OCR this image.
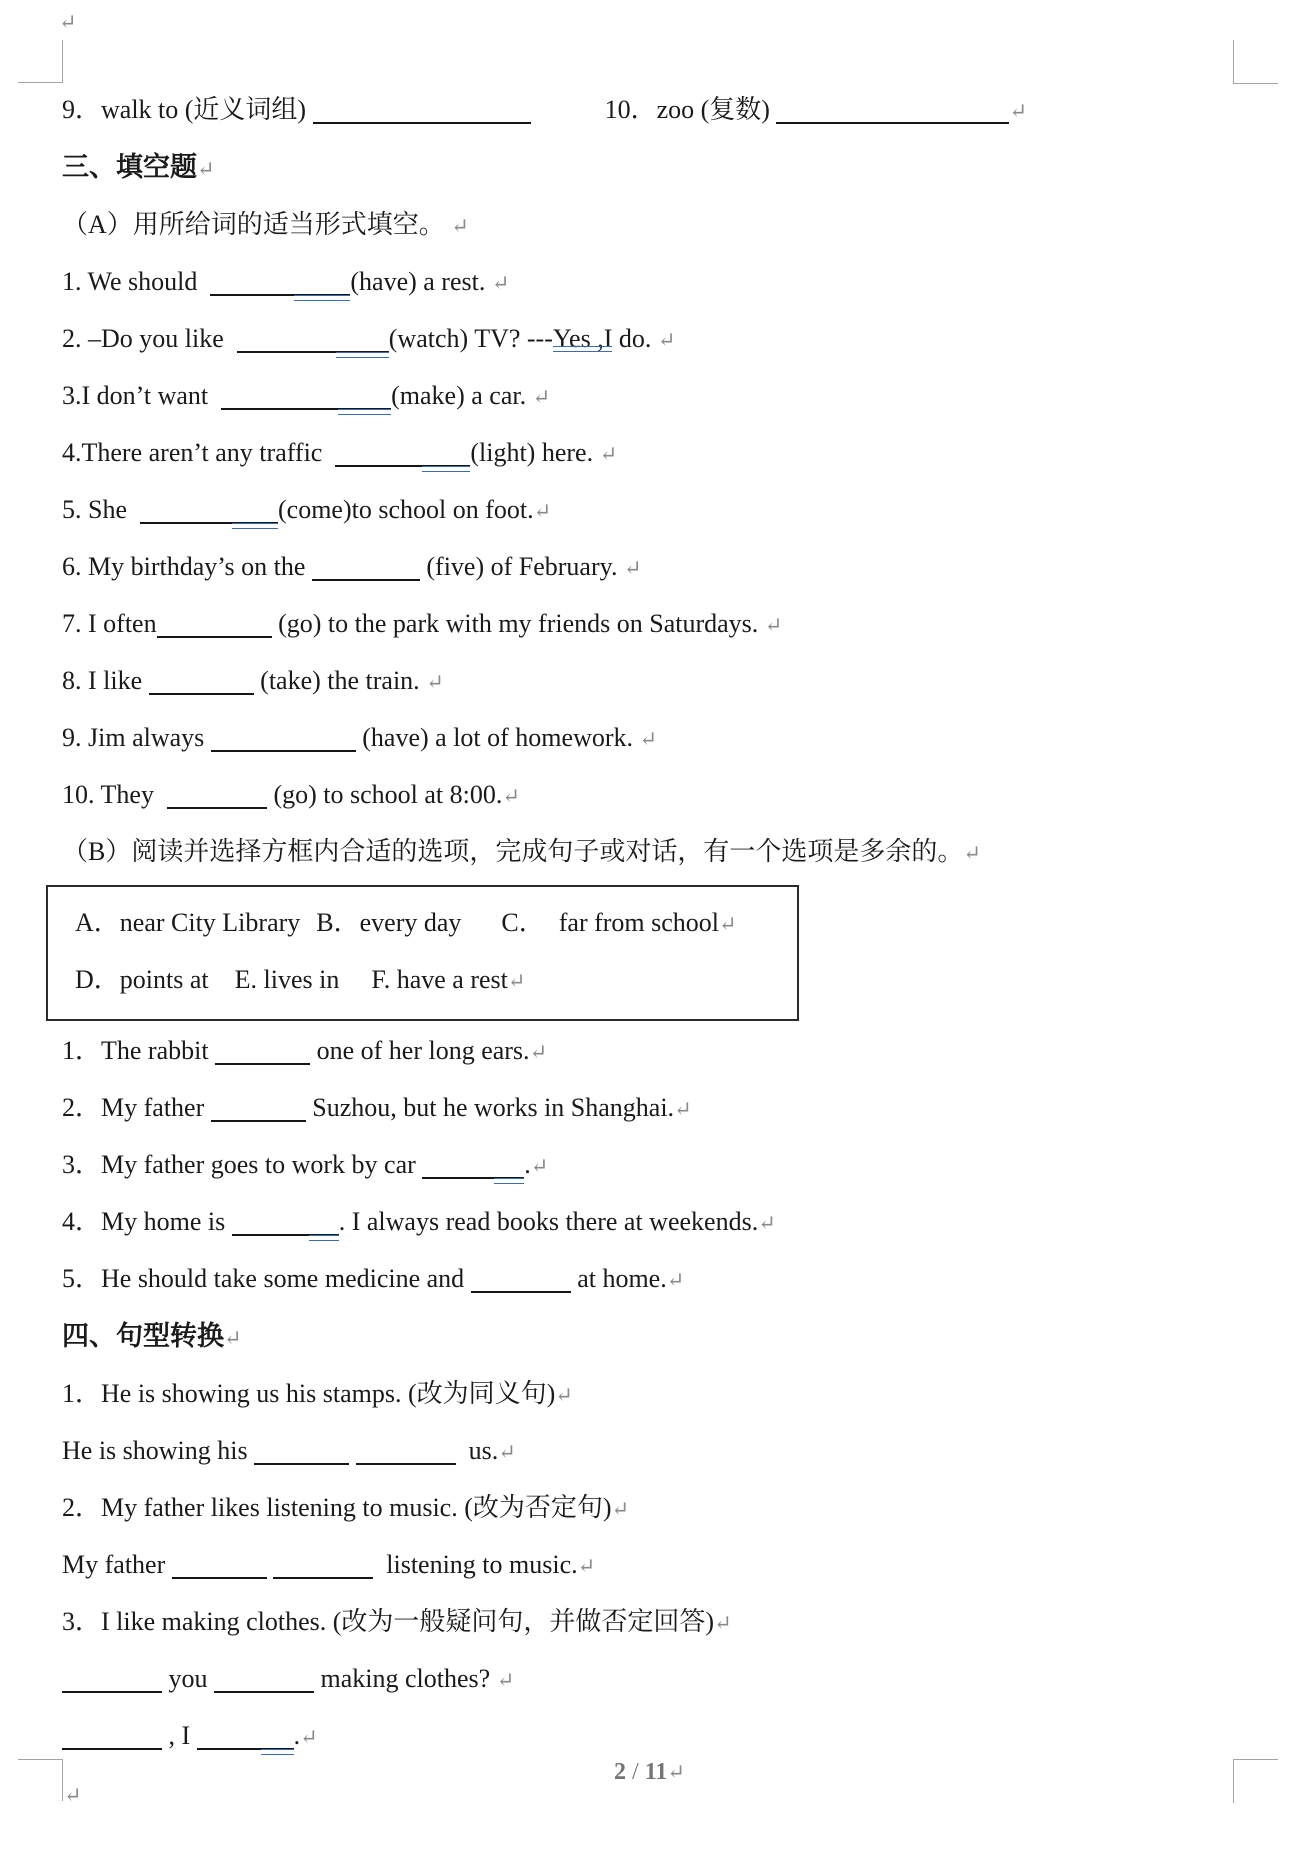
↵
↵
9．walk to (近义词组)	10．zoo (复数)	↵
三、填空题↵
（A）用所给词的适当形式填空。 ↵
1. We should	(have) a rest. ↵
2. –Do you like	(watch) TV? ---Yes ,I do. ↵
3.I don’t want	(make) a car. ↵
4.There aren’t any traffic	(light) here. ↵
5. She	(come)to school on foot.↵
6. My birthday’s on the	(five) of February. ↵
7. I often	(go) to the park with my friends on Saturdays. ↵
8. I like	(take) the train. ↵
9. Jim always	(have) a lot of homework. ↵
10. They	(go) to school at 8:00.↵
（B）阅读并选择方框内合适的选项，完成句子或对话，有一个选项是多余的。↵
A．near City Library B．every day C． far from school↵
D．points at E. lives in F. have a rest↵
1．The rabbit	one of her long ears.↵
2．My father	Suzhou, but he works in Shanghai.↵
3．My father goes to work by car	.↵
4．My home is	. I always read books there at weekends.↵
5．He should take some medicine and	at home.↵
四、句型转换↵
1．He is showing us his stamps. (改为同义句)↵
He is showing his	us.↵
2．My father likes listening to music. (改为否定句)↵
My father	listening to music.↵
3．I like making clothes. (改为一般疑问句，并做否定回答)↵
you	making clothes? ↵
, I	.↵
2 / 11↵
